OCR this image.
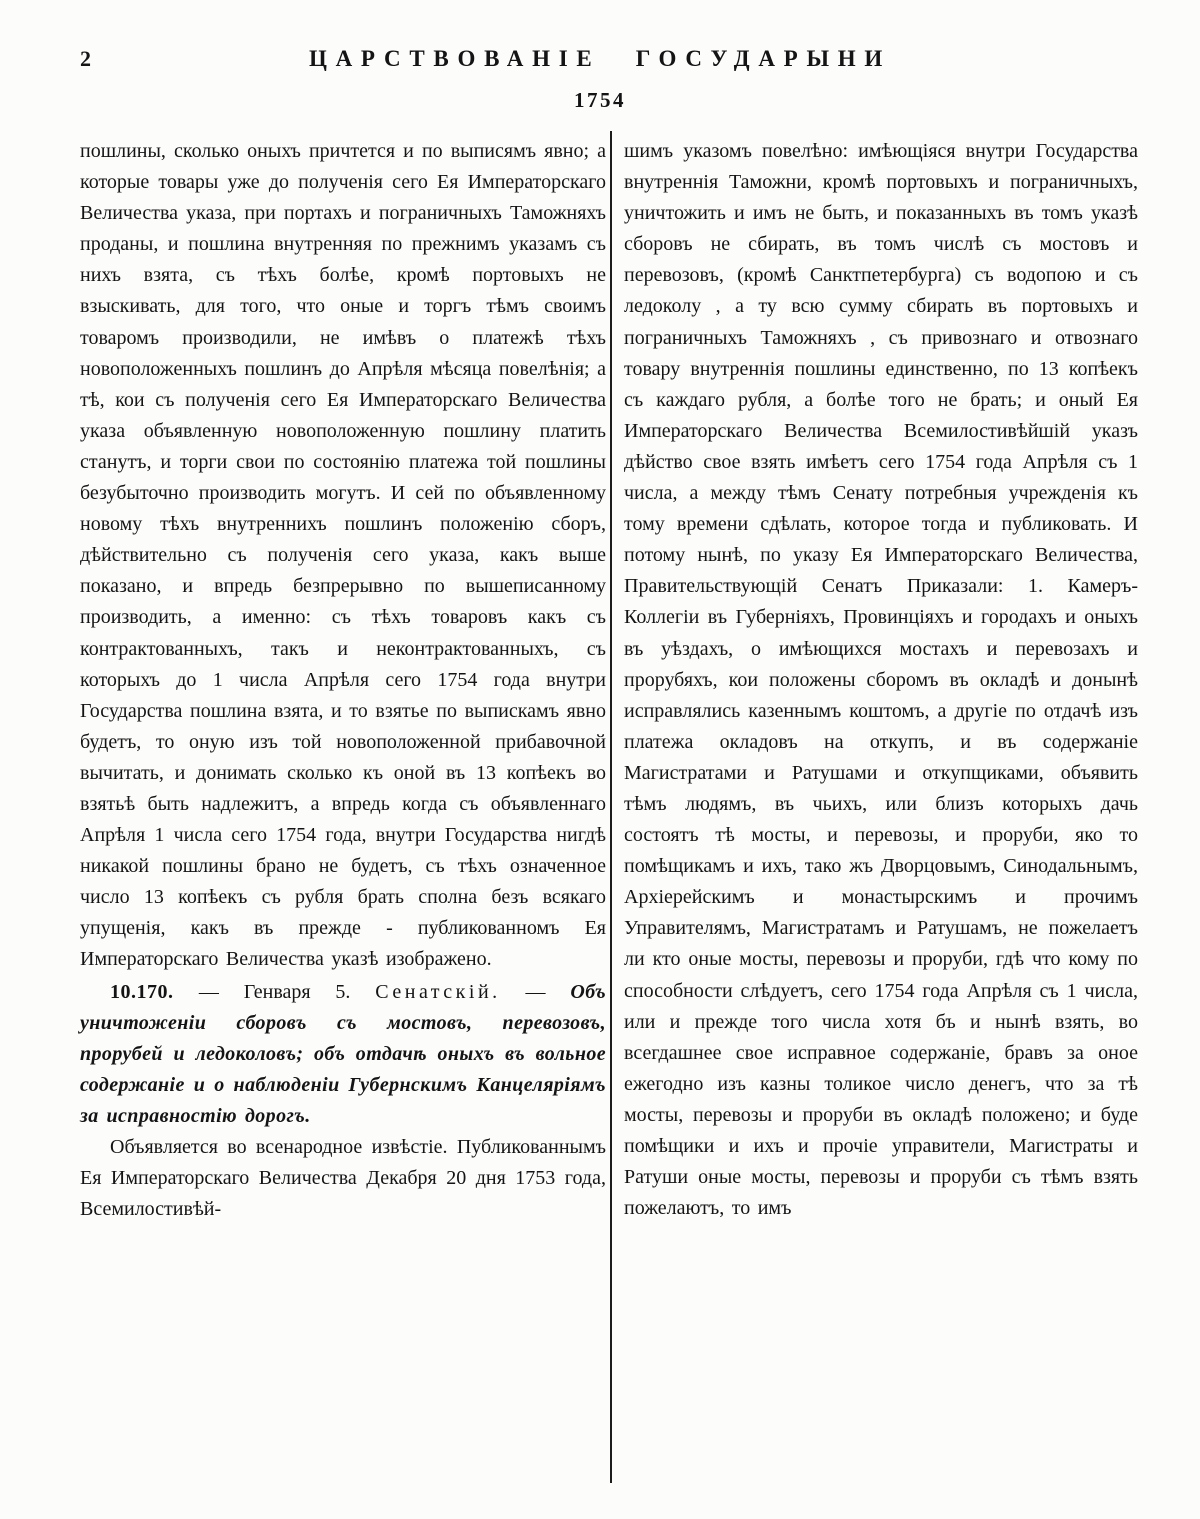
2	ЦАРСТВОВАНІЕ ГОСУДАРЫНИ
1754

пошлины, сколько оныхъ причтется и по выписямъ явно; а которые товары уже до полученія сего Ея Императорскаго Величества указа, при портахъ и пограничныхъ Таможняхъ проданы, и пошлина внутренняя по прежнимъ указамъ съ нихъ взята, съ тѣхъ болѣе, кромѣ портовыхъ не взыскивать, для того, что оные и торгъ тѣмъ своимъ товаромъ производили, не имѣвъ о платежѣ тѣхъ новоположенныхъ пошлинъ до Апрѣля мѣсяца повелѣнія; а тѣ, кои съ полученія сего Ея Императорскаго Величества указа объявленную новоположенную пошлину платить станутъ, и торги свои по состоянію платежа той пошлины безубыточно производить могутъ. И сей по объявленному новому тѣхъ внутреннихъ пошлинъ положенію сборъ, дѣйствительно съ полученія сего указа, какъ выше показано, и впредь безпрерывно по вышеписанному производить, а именно: съ тѣхъ товаровъ какъ съ контрактованныхъ, такъ и неконтрактованныхъ, съ которыхъ до 1 числа Апрѣля сего 1754 года внутри Государства пошлина взята, и то взятье по выпискамъ явно будетъ, то оную изъ той новоположенной прибавочной вычитать, и донимать сколько къ оной въ 13 копѣекъ во взятьѣ быть надлежитъ, а впредь когда съ объявленнаго Апрѣля 1 числа сего 1754 года, внутри Государства нигдѣ никакой пошлины брано не будетъ, съ тѣхъ означенное число 13 копѣекъ съ рубля брать сполна безъ всякаго упущенія, какъ въ прежде - публикованномъ Ея Императорскаго Величества указѣ изображено.

10.170. — Генваря 5. Сенатскій. — Объ уничтоженіи сборовъ съ мостовъ, перевозовъ, прорубей и ледоколовъ; объ отдачѣ оныхъ въ вольное содержаніе и о наблюденіи Губернскимъ Канцеляріямъ за исправностію дорогъ.

Объявляется во всенародное извѣстіе. Публикованнымъ Ея Императорскаго Величества Декабря 20 дня 1753 года, Всемилостивѣй-

шимъ указомъ повелѣно: имѣющіяся внутри Государства внутреннія Таможни, кромѣ портовыхъ и пограничныхъ, уничтожить и имъ не быть, и показанныхъ въ томъ указѣ сборовъ не сбирать, въ томъ числѣ съ мостовъ и перевозовъ, (кромѣ Санктпетербурга) съ водопою и съ ледоколу , а ту всю сумму сбирать въ портовыхъ и пограничныхъ Таможняхъ , съ привознаго и отвознаго товару внутреннія пошлины единственно, по 13 копѣекъ съ каждаго рубля, а болѣе того не брать; и оный Ея Императорскаго Величества Всемилостивѣйшій указъ дѣйство свое взять имѣетъ сего 1754 года Апрѣля съ 1 числа, а между тѣмъ Сенату потребныя учрежденія къ тому времени сдѣлать, которое тогда и публиковать. И потому нынѣ, по указу Ея Императорскаго Величества, Правительствующій Сенатъ Приказали: 1. Камеръ-Коллегіи въ Губерніяхъ, Провинціяхъ и городахъ и оныхъ въ уѣздахъ, о имѣющихся мостахъ и перевозахъ и прорубяхъ, кои положены сборомъ въ окладѣ и донынѣ исправлялись казеннымъ коштомъ, а другіе по отдачѣ изъ платежа окладовъ на откупъ, и въ содержаніе Магистратами и Ратушами и откупщиками, объявить тѣмъ людямъ, въ чьихъ, или близъ которыхъ дачь состоятъ тѣ мосты, и перевозы, и проруби, яко то помѣщикамъ и ихъ, тако жъ Дворцовымъ, Синодальнымъ, Архіерейскимъ и монастырскимъ и прочимъ Управителямъ, Магистратамъ и Ратушамъ, не пожелаетъ ли кто оные мосты, перевозы и проруби, гдѣ что кому по способности слѣдуетъ, сего 1754 года Апрѣля съ 1 числа, или и прежде того числа хотя бъ и нынѣ взять, во всегдашнее свое исправное содержаніе, бравъ за оное ежегодно изъ казны толикое число денегъ, что за тѣ мосты, перевозы и проруби въ окладѣ положено; и буде помѣщики и ихъ и прочіе управители, Магистраты и Ратуши оные мосты, перевозы и проруби съ тѣмъ взять пожелаютъ, то имъ
